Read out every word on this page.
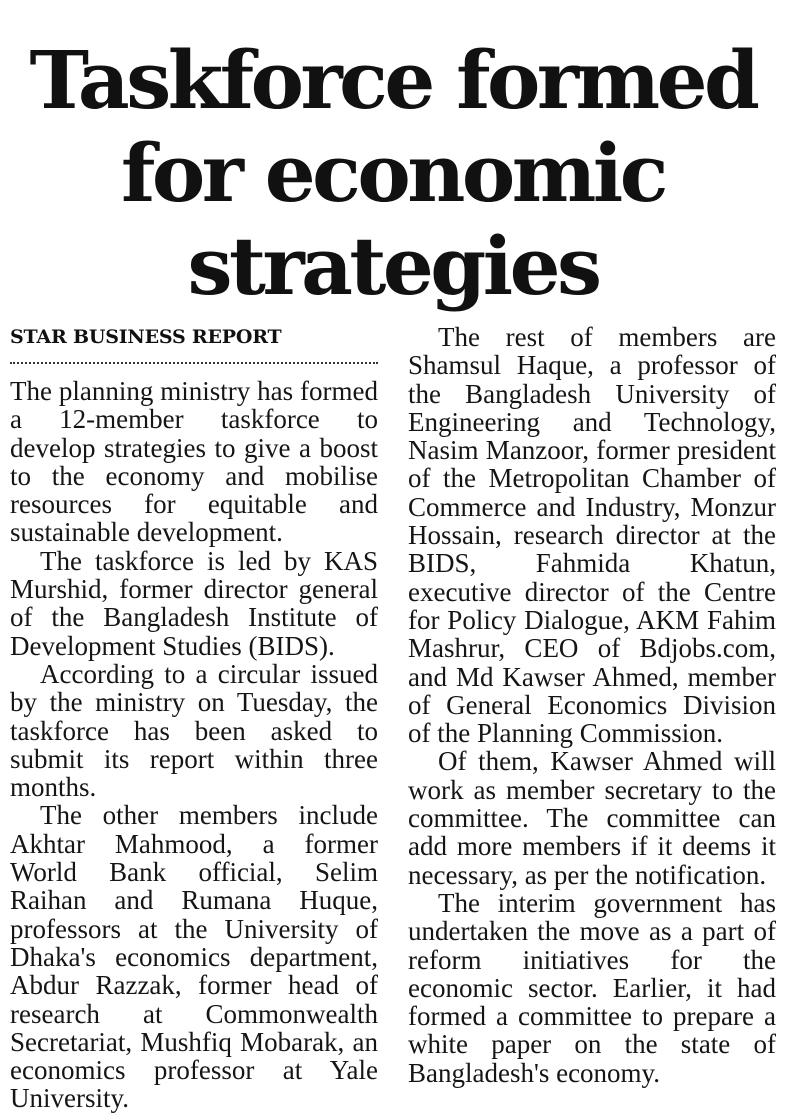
Taskforce formed
for economic
strategies
STAR BUSINESS REPORT

The planning ministry has formed a 12-member taskforce to develop strategies to give a boost to the economy and mobilise resources for equitable and sustainable development.

The taskforce is led by KAS Murshid, former director general of the Bangladesh Institute of Development Studies (BIDS).

According to a circular issued by the ministry on Tuesday, the taskforce has been asked to submit its report within three months.

The other members include Akhtar Mahmood, a former World Bank official, Selim Raihan and Rumana Huque, professors at the University of Dhaka's economics department, Abdur Razzak, former head of research at Commonwealth Secretariat, Mushfiq Mobarak, an economics professor at Yale University.

The rest of members are Shamsul Haque, a professor of the Bangladesh University of Engineering and Technology, Nasim Manzoor, former president of the Metropolitan Chamber of Commerce and Industry, Monzur Hossain, research director at the BIDS, Fahmida Khatun, executive director of the Centre for Policy Dialogue, AKM Fahim Mashrur, CEO of Bdjobs.com, and Md Kawser Ahmed, member of General Economics Division of the Planning Commission.

Of them, Kawser Ahmed will work as member secretary to the committee. The committee can add more members if it deems it necessary, as per the notification.

The interim government has undertaken the move as a part of reform initiatives for the economic sector. Earlier, it had formed a committee to prepare a white paper on the state of Bangladesh's economy.
